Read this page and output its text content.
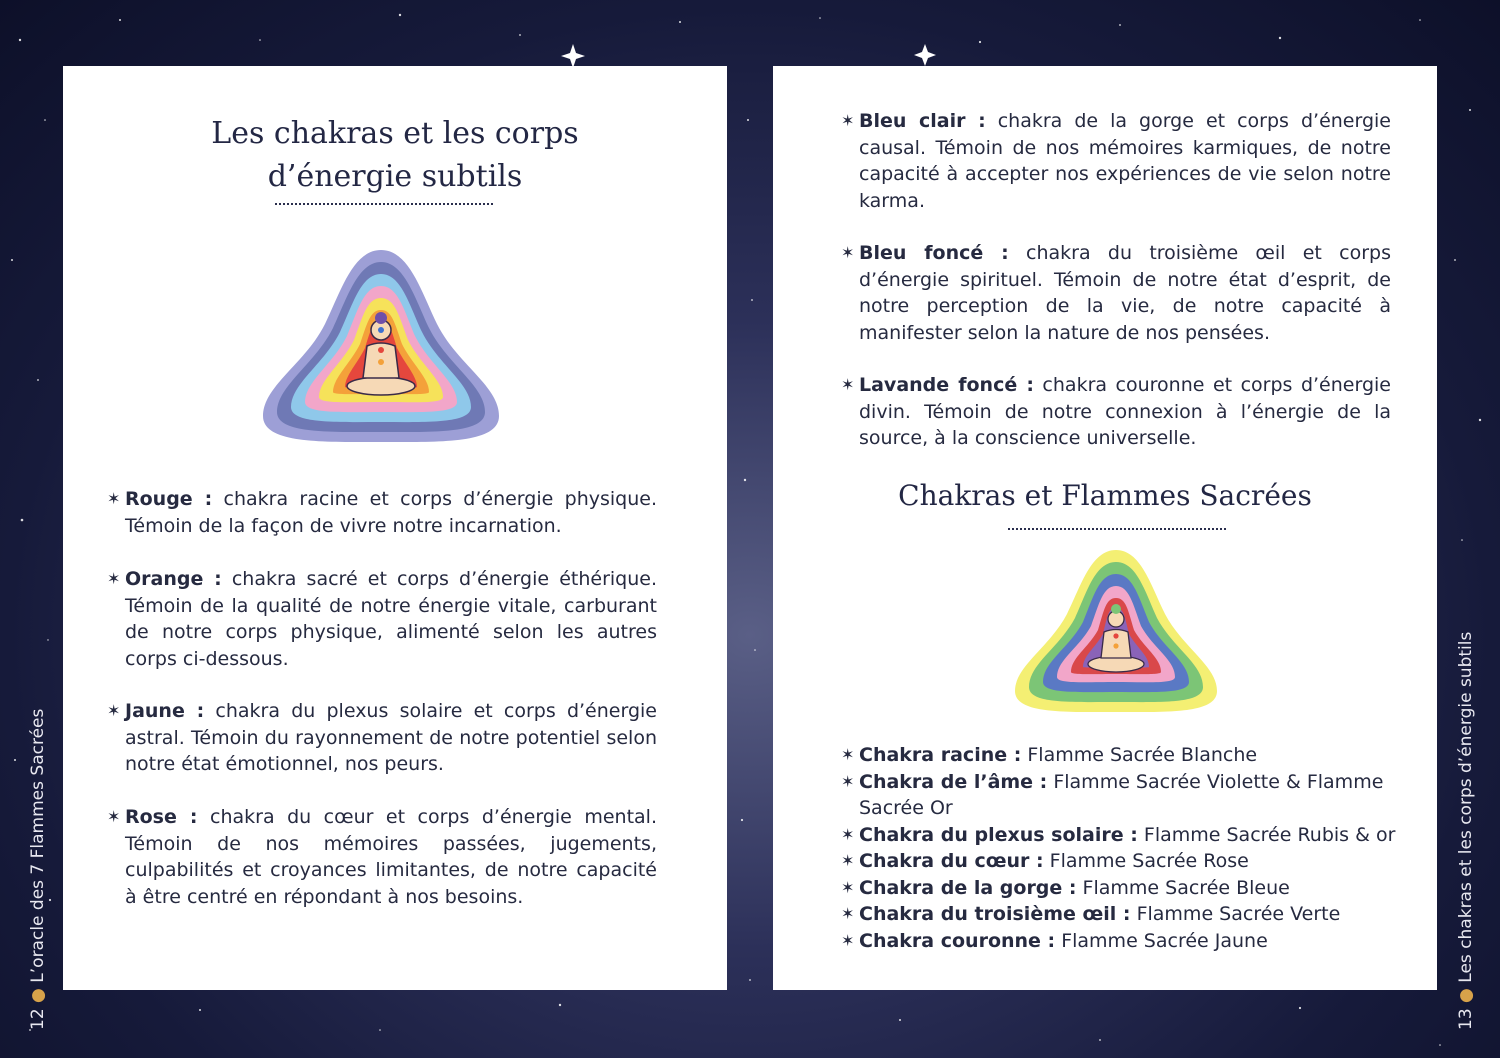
Les chakras et les corps
d’énergie subtils
✶ Rouge : chakra racine et corps d’énergie physique. Témoin de la façon de vivre notre incarnation.
✶ Orange : chakra sacré et corps d’énergie éthérique. Témoin de la qualité de notre énergie vitale, carburant de notre corps physique, alimenté selon les autres corps ci-dessous.
✶ Jaune : chakra du plexus solaire et corps d’énergie astral. Témoin du rayonnement de notre potentiel selon notre état émotionnel, nos peurs.
✶ Rose : chakra du cœur et corps d’énergie mental. Témoin de nos mémoires passées, jugements, culpabilités et croyances limitantes, de notre capacité à être centré en répondant à nos besoins.
✶ Bleu clair : chakra de la gorge et corps d’énergie causal. Témoin de nos mémoires karmiques, de notre capacité à accepter nos expériences de vie selon notre karma.
✶ Bleu foncé : chakra du troisième œil et corps d’énergie spirituel. Témoin de notre état d’esprit, de notre perception de la vie, de notre capacité à manifester selon la nature de nos pensées.
✶ Lavande foncé : chakra couronne et corps d’énergie divin. Témoin de notre connexion à l’énergie de la source, à la conscience universelle.
Chakras et Flammes Sacrées
✶ Chakra racine : Flamme Sacrée Blanche
✶ Chakra de l’âme : Flamme Sacrée Violette & Flamme Sacrée Or
✶ Chakra du plexus solaire : Flamme Sacrée Rubis & or
✶ Chakra du cœur : Flamme Sacrée Rose
✶ Chakra de la gorge : Flamme Sacrée Bleue
✶ Chakra du troisième œil : Flamme Sacrée Verte
✶ Chakra couronne : Flamme Sacrée Jaune
12 ● L’oracle des 7 Flammes Sacrées
13 ● Les chakras et les corps d’énergie subtils
